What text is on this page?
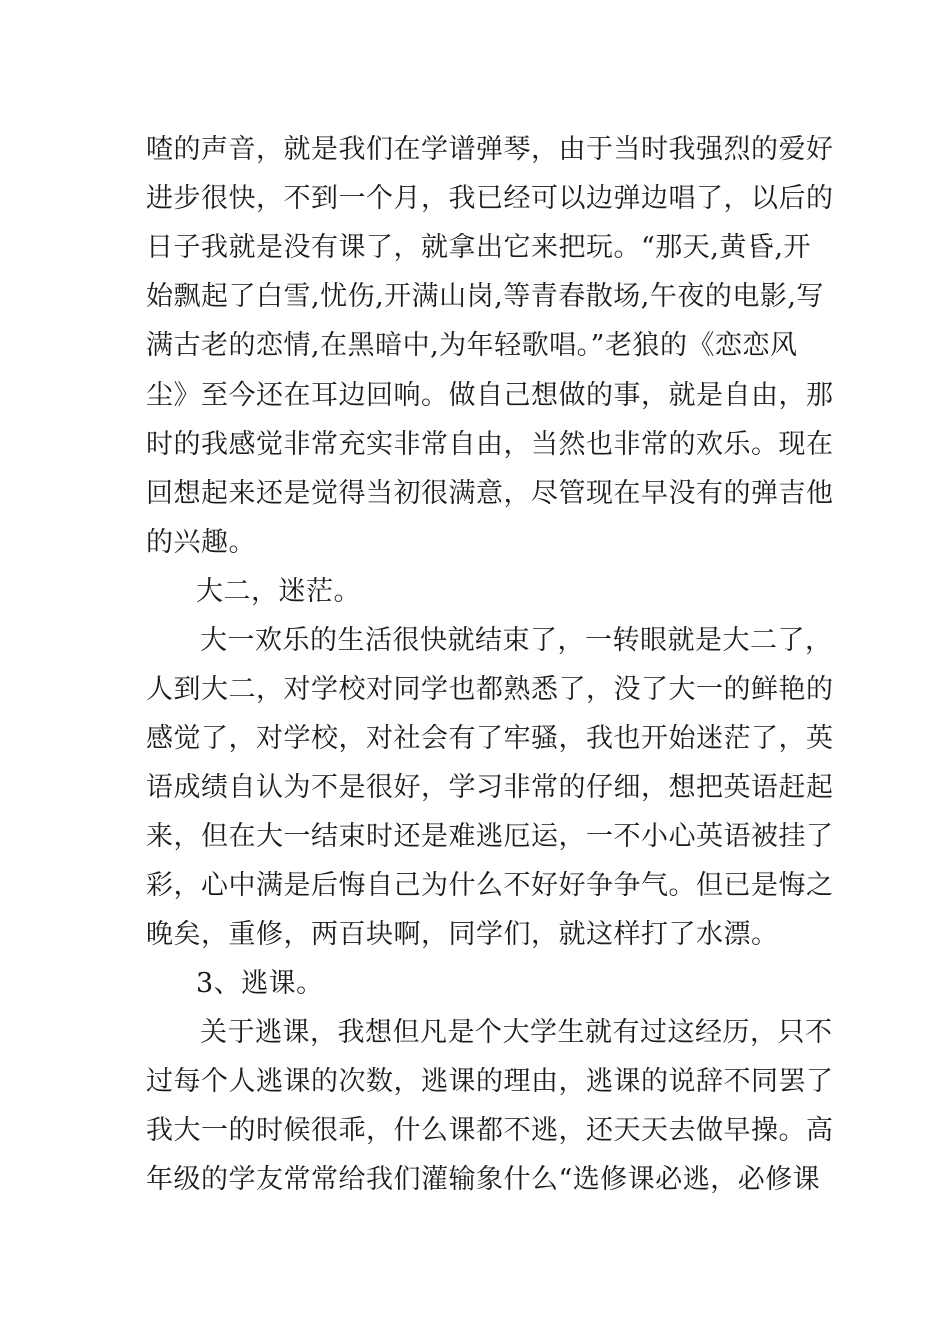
喳的声音，就是我们在学谱弹琴，由于当时我强烈的爱好
进步很快，不到一个月，我已经可以边弹边唱了，以后的
日子我就是没有课了，就拿出它来把玩。“那天,黄昏,开
始飘起了白雪,忧伤,开满山岗,等青春散场,午夜的电影,写
满古老的恋情,在黑暗中,为年轻歌唱。”老狼的《恋恋风
尘》至今还在耳边回响。做自己想做的事，就是自由，那
时的我感觉非常充实非常自由，当然也非常的欢乐。现在
回想起来还是觉得当初很满意，尽管现在早没有的弹吉他
的兴趣。
大二，迷茫。
大一欢乐的生活很快就结束了，一转眼就是大二了，
人到大二，对学校对同学也都熟悉了，没了大一的鲜艳的
感觉了，对学校，对社会有了牢骚，我也开始迷茫了，英
语成绩自认为不是很好，学习非常的仔细，想把英语赶起
来，但在大一结束时还是难逃厄运，一不小心英语被挂了
彩，心中满是后悔自己为什么不好好争争气。但已是悔之
晚矣，重修，两百块啊，同学们，就这样打了水漂。
3、逃课。
关于逃课，我想但凡是个大学生就有过这经历，只不
过每个人逃课的次数，逃课的理由，逃课的说辞不同罢了
我大一的时候很乖，什么课都不逃，还天天去做早操。高
年级的学友常常给我们灌输象什么“选修课必逃，必修课
